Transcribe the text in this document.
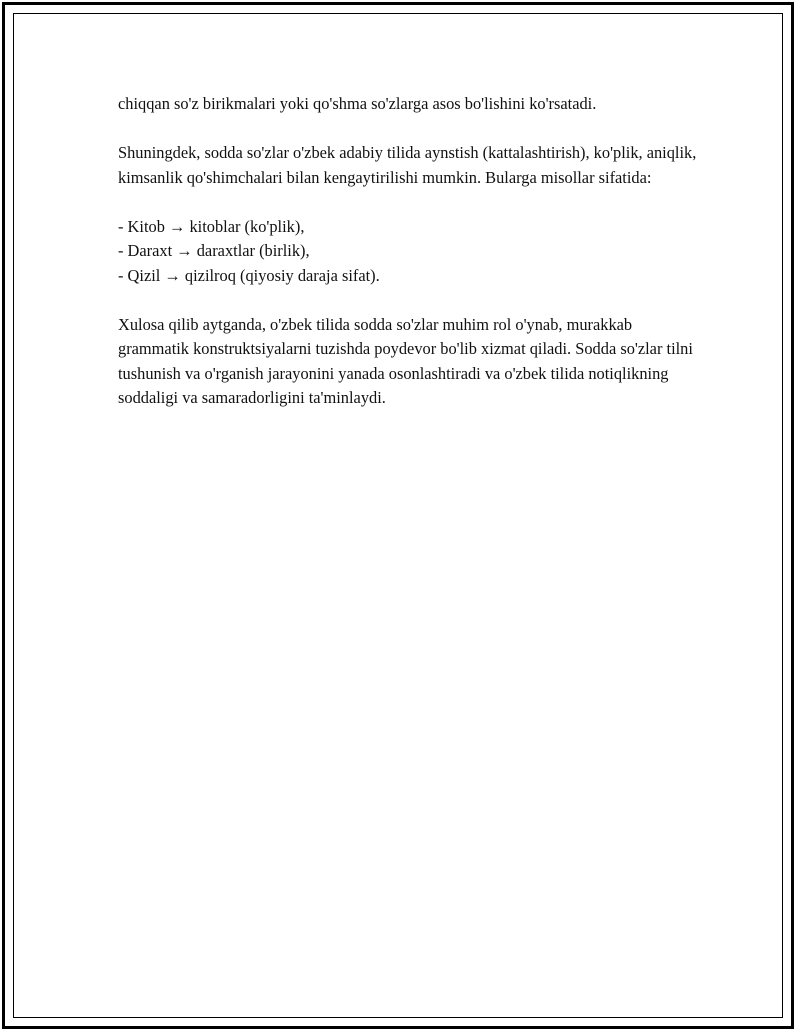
chiqqan so'z birikmalari yoki qo'shma so'zlarga asos bo'lishini ko'rsatadi.

Shuningdek, sodda so'zlar o'zbek adabiy tilida aynstish (kattalashtirish), ko'plik, aniqlik, kimsanlik qo'shimchalari bilan kengaytirilishi mumkin. Bularga misollar sifatida:

- Kitob → kitoblar (ko'plik),
- Daraxt → daraxtlar (birlik),
- Qizil → qizilroq (qiyosiy daraja sifat).

Xulosa qilib aytganda, o'zbek tilida sodda so'zlar muhim rol o'ynab, murakkab grammatik konstruktsiyalarni tuzishda poydevor bo'lib xizmat qiladi. Sodda so'zlar tilni tushunish va o'rganish jarayonini yanada osonlashtiradi va o'zbek tilida notiqlikning soddaligi va samaradorligini ta'minlaydi.
